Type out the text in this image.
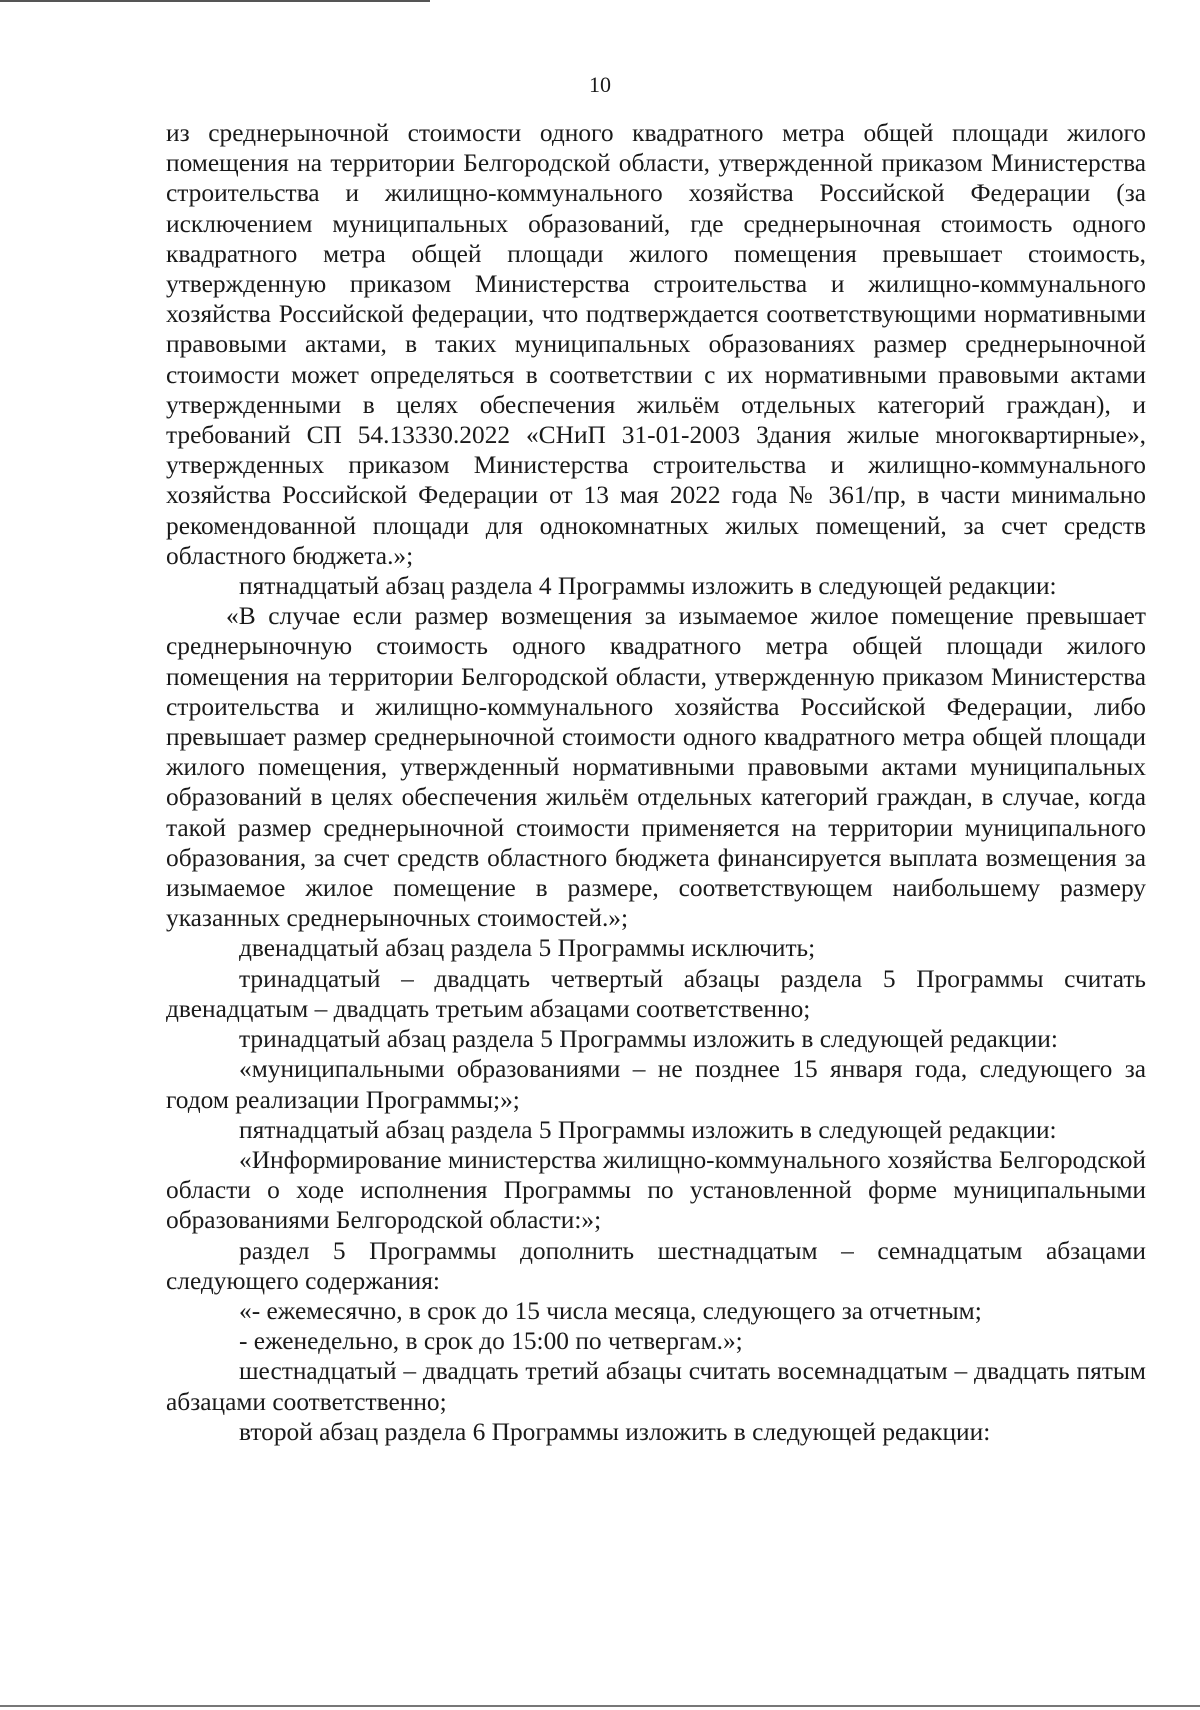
10

из среднерыночной стоимости одного квадратного метра общей площади жилого помещения на территории Белгородской области, утвержденной приказом Министерства строительства и жилищно-коммунального хозяйства Российской Федерации (за исключением муниципальных образований, где среднерыночная стоимость одного квадратного метра общей площади жилого помещения превышает стоимость, утвержденную приказом Министерства строительства и жилищно-коммунального хозяйства Российской федерации, что подтверждается соответствующими нормативными правовыми актами, в таких муниципальных образованиях размер среднерыночной стоимости может определяться в соответствии с их нормативными правовыми актами утвержденными в целях обеспечения жильём отдельных категорий граждан), и требований СП 54.13330.2022 «СНиП 31-01-2003 Здания жилые многоквартирные», утвержденных приказом Министерства строительства и жилищно-коммунального хозяйства Российской Федерации от 13 мая 2022 года № 361/пр, в части минимально рекомендованной площади для однокомнатных жилых помещений, за счет средств областного бюджета.»;

пятнадцатый абзац раздела 4 Программы изложить в следующей редакции:

«В случае если размер возмещения за изымаемое жилое помещение превышает среднерыночную стоимость одного квадратного метра общей площади жилого помещения на территории Белгородской области, утвержденную приказом Министерства строительства и жилищно-коммунального хозяйства Российской Федерации, либо превышает размер среднерыночной стоимости одного квадратного метра общей площади жилого помещения, утвержденный нормативными правовыми актами муниципальных образований в целях обеспечения жильём отдельных категорий граждан, в случае, когда такой размер среднерыночной стоимости применяется на территории муниципального образования, за счет средств областного бюджета финансируется выплата возмещения за изымаемое жилое помещение в размере, соответствующем наибольшему размеру указанных среднерыночных стоимостей.»;

двенадцатый абзац раздела 5 Программы исключить;

тринадцатый – двадцать четвертый абзацы раздела 5 Программы считать двенадцатым – двадцать третьим абзацами соответственно;

тринадцатый абзац раздела 5 Программы изложить в следующей редакции:

«муниципальными образованиями – не позднее 15 января года, следующего за годом реализации Программы;»;

пятнадцатый абзац раздела 5 Программы изложить в следующей редакции:

«Информирование министерства жилищно-коммунального хозяйства Белгородской области о ходе исполнения Программы по установленной форме муниципальными образованиями Белгородской области:»;

раздел 5 Программы дополнить шестнадцатым – семнадцатым абзацами следующего содержания:

«- ежемесячно, в срок до 15 числа месяца, следующего за отчетным;

- еженедельно, в срок до 15:00 по четвергам.»;

шестнадцатый – двадцать третий абзацы считать восемнадцатым – двадцать пятым абзацами соответственно;

второй абзац раздела 6 Программы изложить в следующей редакции:
